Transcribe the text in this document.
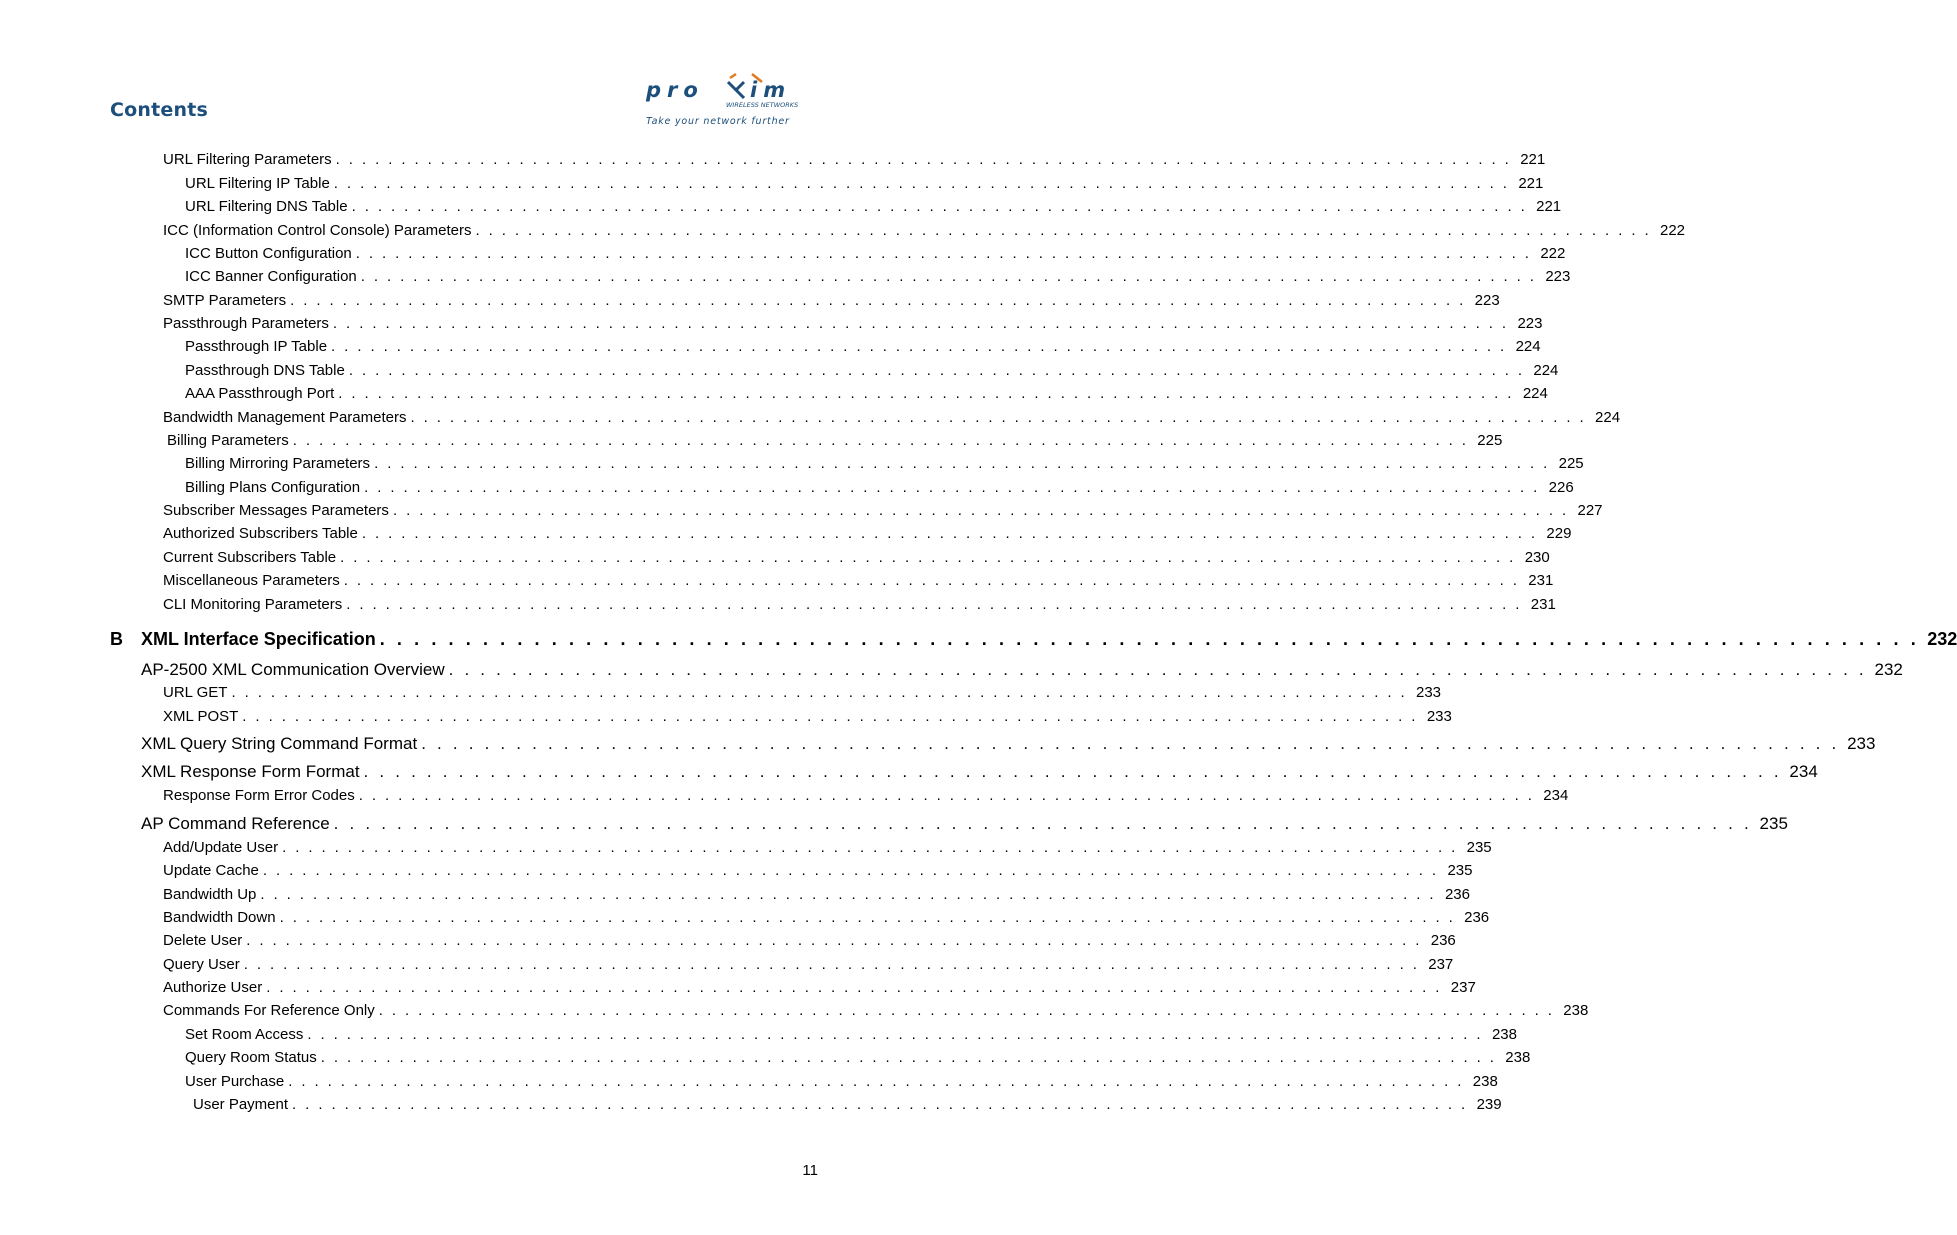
Contents
pro im
WIRELESS NETWORKS
Take your network further
URL Filtering Parameters . . . . . . . . . . . . . . . . . . . . . . . . . . . . . . . . . . . . . . . . . . . . . . . . . . . . . . . . . . . . . . . . . . . . . . . . . . . . . . . . . . . . . . . . . . 221
URL Filtering IP Table . . . . . . . . . . . . . . . . . . . . . . . . . . . . . . . . . . . . . . . . . . . . . . . . . . . . . . . . . . . . . . . . . . . . . . . . . . . . . . . . . . . . . . . . . . 221
URL Filtering DNS Table . . . . . . . . . . . . . . . . . . . . . . . . . . . . . . . . . . . . . . . . . . . . . . . . . . . . . . . . . . . . . . . . . . . . . . . . . . . . . . . . . . . . . . . . . . 221
ICC (Information Control Console) Parameters . . . . . . . . . . . . . . . . . . . . . . . . . . . . . . . . . . . . . . . . . . . . . . . . . . . . . . . . . . . . . . . . . . . . . . . . . . . . . . . . . . . . . . . . . . 222
ICC Button Configuration . . . . . . . . . . . . . . . . . . . . . . . . . . . . . . . . . . . . . . . . . . . . . . . . . . . . . . . . . . . . . . . . . . . . . . . . . . . . . . . . . . . . . . . . . . 222
ICC Banner Configuration . . . . . . . . . . . . . . . . . . . . . . . . . . . . . . . . . . . . . . . . . . . . . . . . . . . . . . . . . . . . . . . . . . . . . . . . . . . . . . . . . . . . . . . . . . 223
SMTP Parameters . . . . . . . . . . . . . . . . . . . . . . . . . . . . . . . . . . . . . . . . . . . . . . . . . . . . . . . . . . . . . . . . . . . . . . . . . . . . . . . . . . . . . . . . . . 223
Passthrough Parameters . . . . . . . . . . . . . . . . . . . . . . . . . . . . . . . . . . . . . . . . . . . . . . . . . . . . . . . . . . . . . . . . . . . . . . . . . . . . . . . . . . . . . . . . . . 223
Passthrough IP Table . . . . . . . . . . . . . . . . . . . . . . . . . . . . . . . . . . . . . . . . . . . . . . . . . . . . . . . . . . . . . . . . . . . . . . . . . . . . . . . . . . . . . . . . . . 224
Passthrough DNS Table . . . . . . . . . . . . . . . . . . . . . . . . . . . . . . . . . . . . . . . . . . . . . . . . . . . . . . . . . . . . . . . . . . . . . . . . . . . . . . . . . . . . . . . . . . 224
AAA Passthrough Port . . . . . . . . . . . . . . . . . . . . . . . . . . . . . . . . . . . . . . . . . . . . . . . . . . . . . . . . . . . . . . . . . . . . . . . . . . . . . . . . . . . . . . . . . . 224
Bandwidth Management Parameters . . . . . . . . . . . . . . . . . . . . . . . . . . . . . . . . . . . . . . . . . . . . . . . . . . . . . . . . . . . . . . . . . . . . . . . . . . . . . . . . . . . . . . . . . . 224
Billing Parameters . . . . . . . . . . . . . . . . . . . . . . . . . . . . . . . . . . . . . . . . . . . . . . . . . . . . . . . . . . . . . . . . . . . . . . . . . . . . . . . . . . . . . . . . . . 225
Billing Mirroring Parameters . . . . . . . . . . . . . . . . . . . . . . . . . . . . . . . . . . . . . . . . . . . . . . . . . . . . . . . . . . . . . . . . . . . . . . . . . . . . . . . . . . . . . . . . . . 225
Billing Plans Configuration . . . . . . . . . . . . . . . . . . . . . . . . . . . . . . . . . . . . . . . . . . . . . . . . . . . . . . . . . . . . . . . . . . . . . . . . . . . . . . . . . . . . . . . . . . 226
Subscriber Messages Parameters . . . . . . . . . . . . . . . . . . . . . . . . . . . . . . . . . . . . . . . . . . . . . . . . . . . . . . . . . . . . . . . . . . . . . . . . . . . . . . . . . . . . . . . . . . 227
Authorized Subscribers Table . . . . . . . . . . . . . . . . . . . . . . . . . . . . . . . . . . . . . . . . . . . . . . . . . . . . . . . . . . . . . . . . . . . . . . . . . . . . . . . . . . . . . . . . . . 229
Current Subscribers Table . . . . . . . . . . . . . . . . . . . . . . . . . . . . . . . . . . . . . . . . . . . . . . . . . . . . . . . . . . . . . . . . . . . . . . . . . . . . . . . . . . . . . . . . . . 230
Miscellaneous Parameters . . . . . . . . . . . . . . . . . . . . . . . . . . . . . . . . . . . . . . . . . . . . . . . . . . . . . . . . . . . . . . . . . . . . . . . . . . . . . . . . . . . . . . . . . . 231
CLI Monitoring Parameters . . . . . . . . . . . . . . . . . . . . . . . . . . . . . . . . . . . . . . . . . . . . . . . . . . . . . . . . . . . . . . . . . . . . . . . . . . . . . . . . . . . . . . . . . . 231
B XML Interface Specification . . . . . . . . . . . . . . . . . . . . . . . . . . . . . . . . . . . . . . . . . . . . . . . . . . . . . . . . . . . . . . . . . . . . . . . . . . . . . . . . . . . . . . . . . . 232
AP-2500 XML Communication Overview . . . . . . . . . . . . . . . . . . . . . . . . . . . . . . . . . . . . . . . . . . . . . . . . . . . . . . . . . . . . . . . . . . . . . . . . . . . . . . . . . . . . . . . . . . 232
URL GET . . . . . . . . . . . . . . . . . . . . . . . . . . . . . . . . . . . . . . . . . . . . . . . . . . . . . . . . . . . . . . . . . . . . . . . . . . . . . . . . . . . . . . . . . . 233
XML POST . . . . . . . . . . . . . . . . . . . . . . . . . . . . . . . . . . . . . . . . . . . . . . . . . . . . . . . . . . . . . . . . . . . . . . . . . . . . . . . . . . . . . . . . . . 233
XML Query String Command Format . . . . . . . . . . . . . . . . . . . . . . . . . . . . . . . . . . . . . . . . . . . . . . . . . . . . . . . . . . . . . . . . . . . . . . . . . . . . . . . . . . . . . . . . . . 233
XML Response Form Format . . . . . . . . . . . . . . . . . . . . . . . . . . . . . . . . . . . . . . . . . . . . . . . . . . . . . . . . . . . . . . . . . . . . . . . . . . . . . . . . . . . . . . . . . . 234
Response Form Error Codes . . . . . . . . . . . . . . . . . . . . . . . . . . . . . . . . . . . . . . . . . . . . . . . . . . . . . . . . . . . . . . . . . . . . . . . . . . . . . . . . . . . . . . . . . . 234
AP Command Reference . . . . . . . . . . . . . . . . . . . . . . . . . . . . . . . . . . . . . . . . . . . . . . . . . . . . . . . . . . . . . . . . . . . . . . . . . . . . . . . . . . . . . . . . . . 235
Add/Update User . . . . . . . . . . . . . . . . . . . . . . . . . . . . . . . . . . . . . . . . . . . . . . . . . . . . . . . . . . . . . . . . . . . . . . . . . . . . . . . . . . . . . . . . . . 235
Update Cache . . . . . . . . . . . . . . . . . . . . . . . . . . . . . . . . . . . . . . . . . . . . . . . . . . . . . . . . . . . . . . . . . . . . . . . . . . . . . . . . . . . . . . . . . . 235
Bandwidth Up . . . . . . . . . . . . . . . . . . . . . . . . . . . . . . . . . . . . . . . . . . . . . . . . . . . . . . . . . . . . . . . . . . . . . . . . . . . . . . . . . . . . . . . . . . 236
Bandwidth Down . . . . . . . . . . . . . . . . . . . . . . . . . . . . . . . . . . . . . . . . . . . . . . . . . . . . . . . . . . . . . . . . . . . . . . . . . . . . . . . . . . . . . . . . . . 236
Delete User . . . . . . . . . . . . . . . . . . . . . . . . . . . . . . . . . . . . . . . . . . . . . . . . . . . . . . . . . . . . . . . . . . . . . . . . . . . . . . . . . . . . . . . . . . 236
Query User . . . . . . . . . . . . . . . . . . . . . . . . . . . . . . . . . . . . . . . . . . . . . . . . . . . . . . . . . . . . . . . . . . . . . . . . . . . . . . . . . . . . . . . . . . 237
Authorize User . . . . . . . . . . . . . . . . . . . . . . . . . . . . . . . . . . . . . . . . . . . . . . . . . . . . . . . . . . . . . . . . . . . . . . . . . . . . . . . . . . . . . . . . . . 237
Commands For Reference Only . . . . . . . . . . . . . . . . . . . . . . . . . . . . . . . . . . . . . . . . . . . . . . . . . . . . . . . . . . . . . . . . . . . . . . . . . . . . . . . . . . . . . . . . . . 238
Set Room Access . . . . . . . . . . . . . . . . . . . . . . . . . . . . . . . . . . . . . . . . . . . . . . . . . . . . . . . . . . . . . . . . . . . . . . . . . . . . . . . . . . . . . . . . . . 238
Query Room Status . . . . . . . . . . . . . . . . . . . . . . . . . . . . . . . . . . . . . . . . . . . . . . . . . . . . . . . . . . . . . . . . . . . . . . . . . . . . . . . . . . . . . . . . . . 238
User Purchase . . . . . . . . . . . . . . . . . . . . . . . . . . . . . . . . . . . . . . . . . . . . . . . . . . . . . . . . . . . . . . . . . . . . . . . . . . . . . . . . . . . . . . . . . . 238
User Payment . . . . . . . . . . . . . . . . . . . . . . . . . . . . . . . . . . . . . . . . . . . . . . . . . . . . . . . . . . . . . . . . . . . . . . . . . . . . . . . . . . . . . . . . . . 239
11
